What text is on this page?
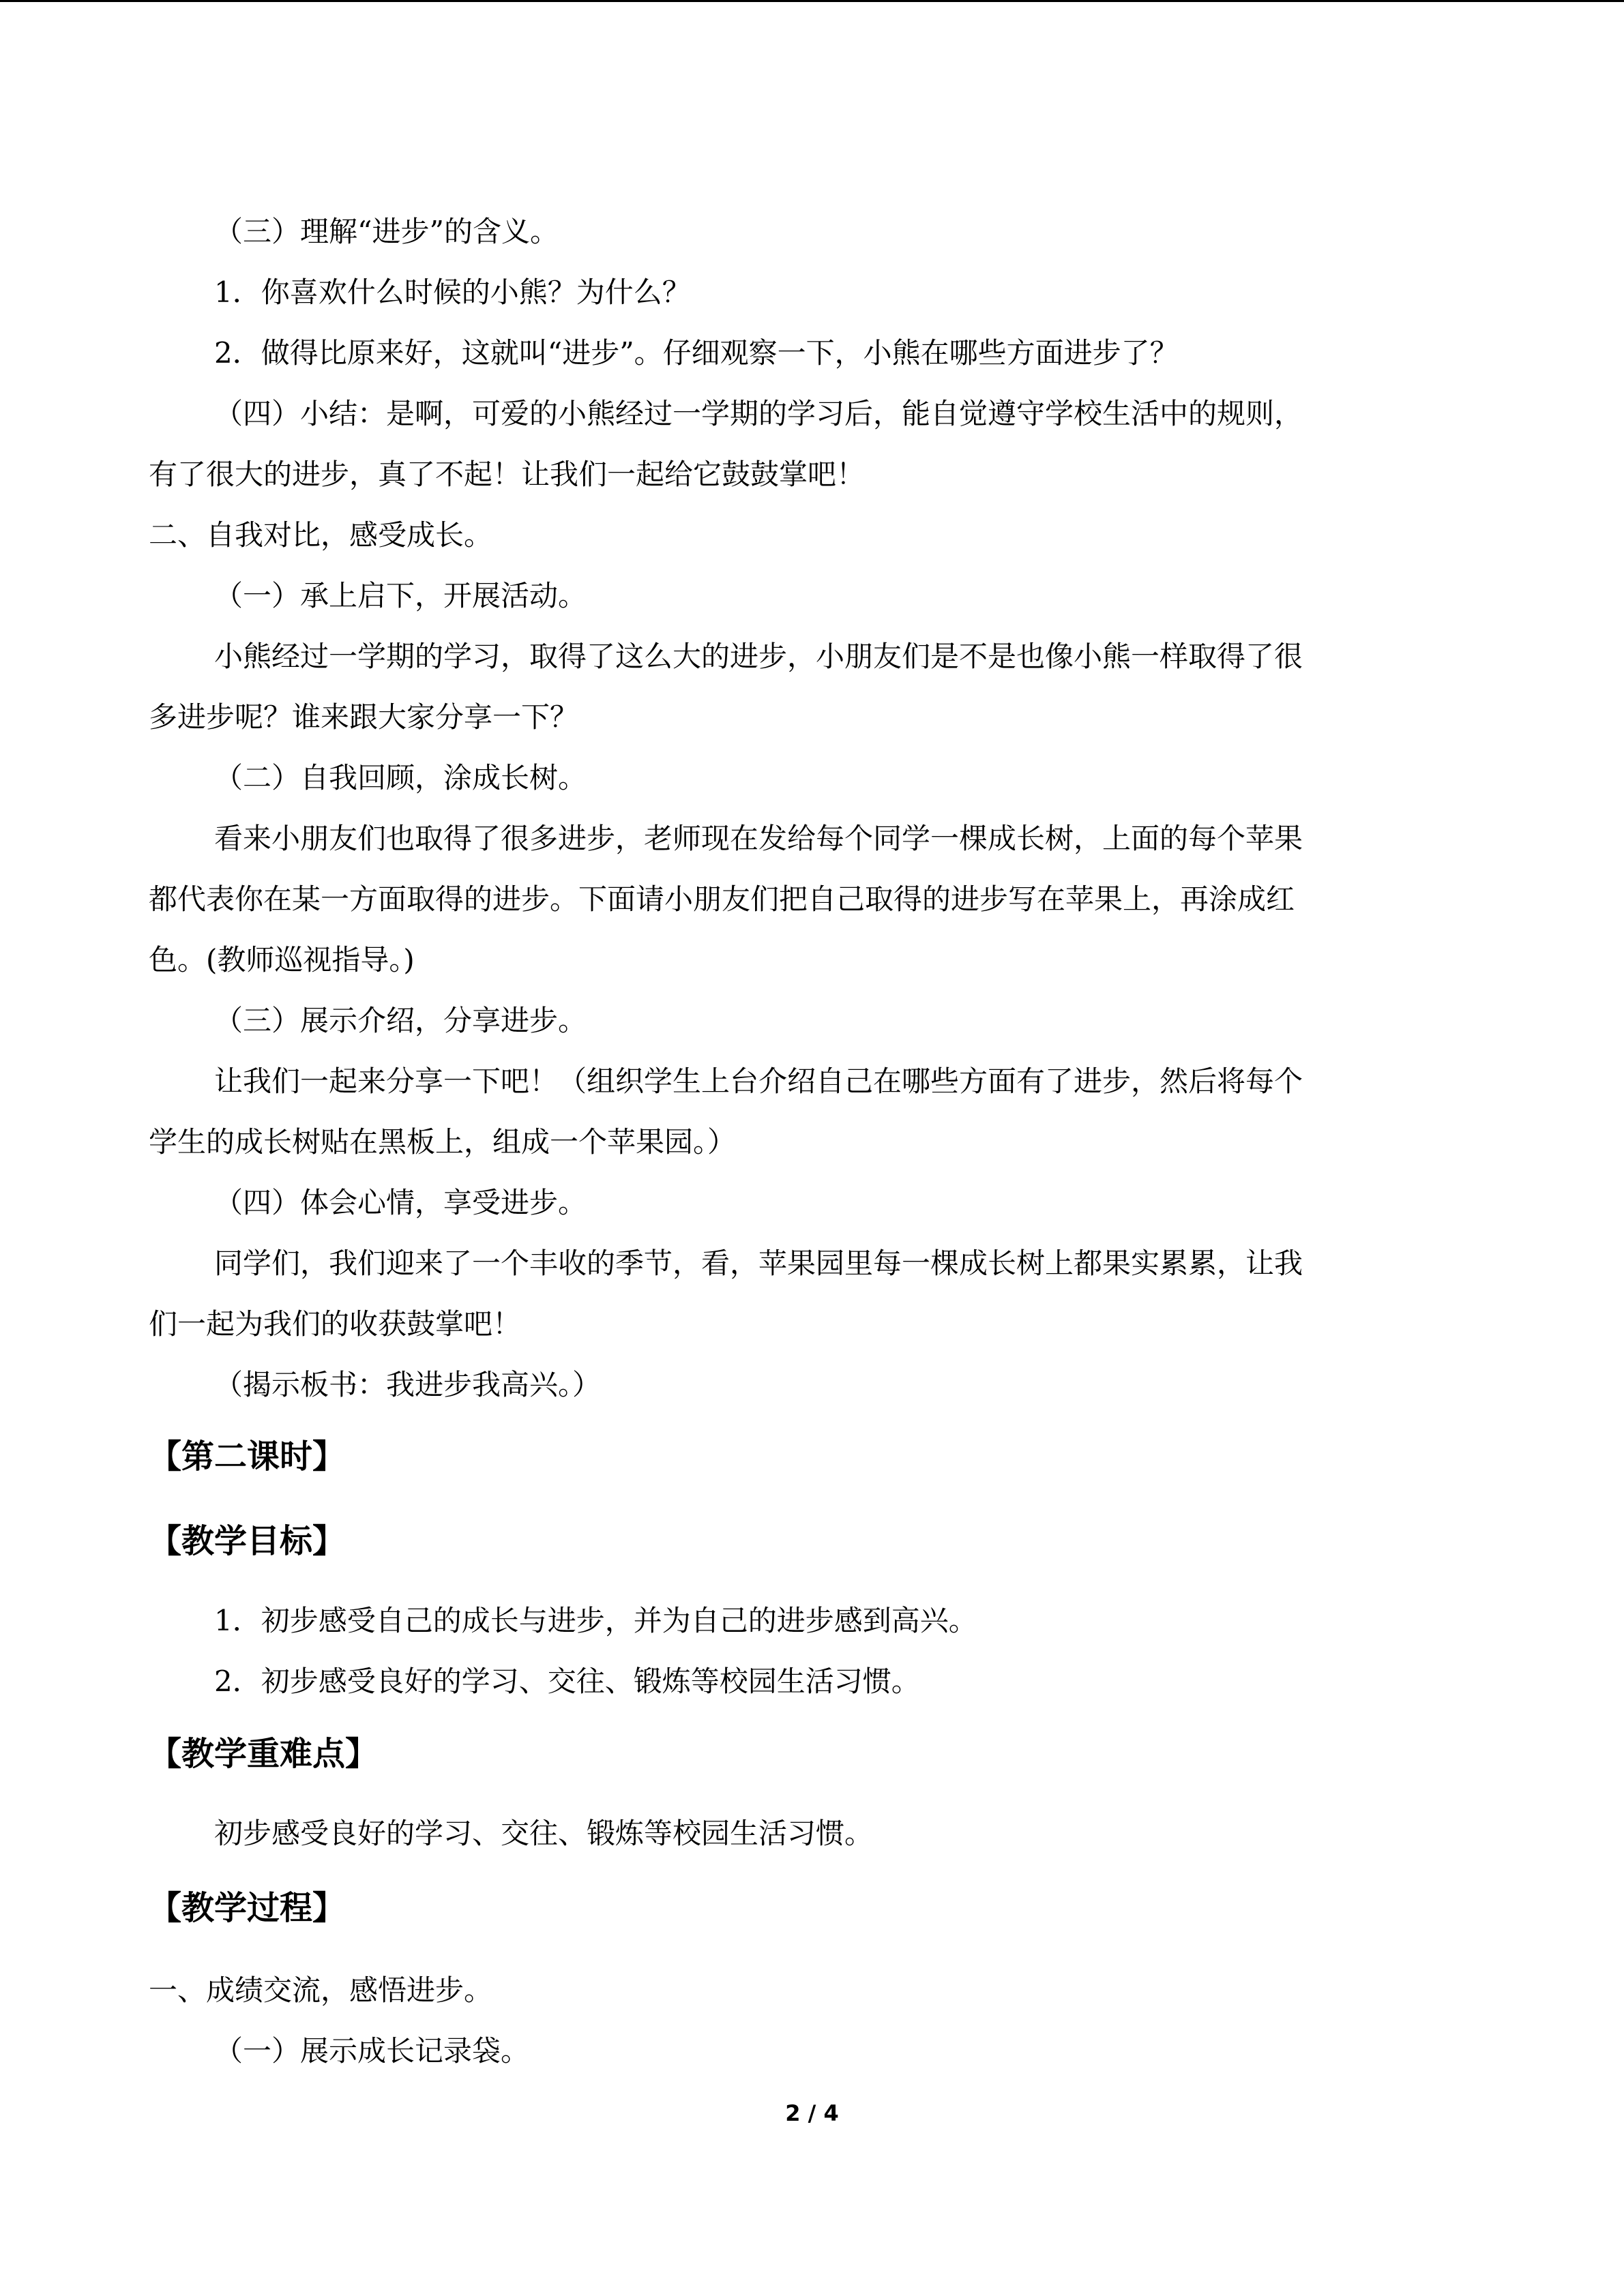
（三）理解“进步”的含义。
1．你喜欢什么时候的小熊？为什么？
2．做得比原来好，这就叫“进步”。仔细观察一下，小熊在哪些方面进步了？
（四）小结：是啊，可爱的小熊经过一学期的学习后，能自觉遵守学校生活中的规则，
有了很大的进步，真了不起！让我们一起给它鼓鼓掌吧！
二、自我对比，感受成长。
（一）承上启下，开展活动。
小熊经过一学期的学习，取得了这么大的进步，小朋友们是不是也像小熊一样取得了很
多进步呢？谁来跟大家分享一下？
（二）自我回顾，涂成长树。
看来小朋友们也取得了很多进步，老师现在发给每个同学一棵成长树，上面的每个苹果
都代表你在某一方面取得的进步。下面请小朋友们把自己取得的进步写在苹果上，再涂成红
色。(教师巡视指导。)
（三）展示介绍，分享进步。
让我们一起来分享一下吧！（组织学生上台介绍自己在哪些方面有了进步，然后将每个
学生的成长树贴在黑板上，组成一个苹果园。）
（四）体会心情，享受进步。
同学们，我们迎来了一个丰收的季节，看，苹果园里每一棵成长树上都果实累累，让我
们一起为我们的收获鼓掌吧！
（揭示板书：我进步我高兴。）
【第二课时】
【教学目标】
1．初步感受自己的成长与进步，并为自己的进步感到高兴。
2．初步感受良好的学习、交往、锻炼等校园生活习惯。
【教学重难点】
初步感受良好的学习、交往、锻炼等校园生活习惯。
【教学过程】
一、成绩交流，感悟进步。
（一）展示成长记录袋。
2 / 4
